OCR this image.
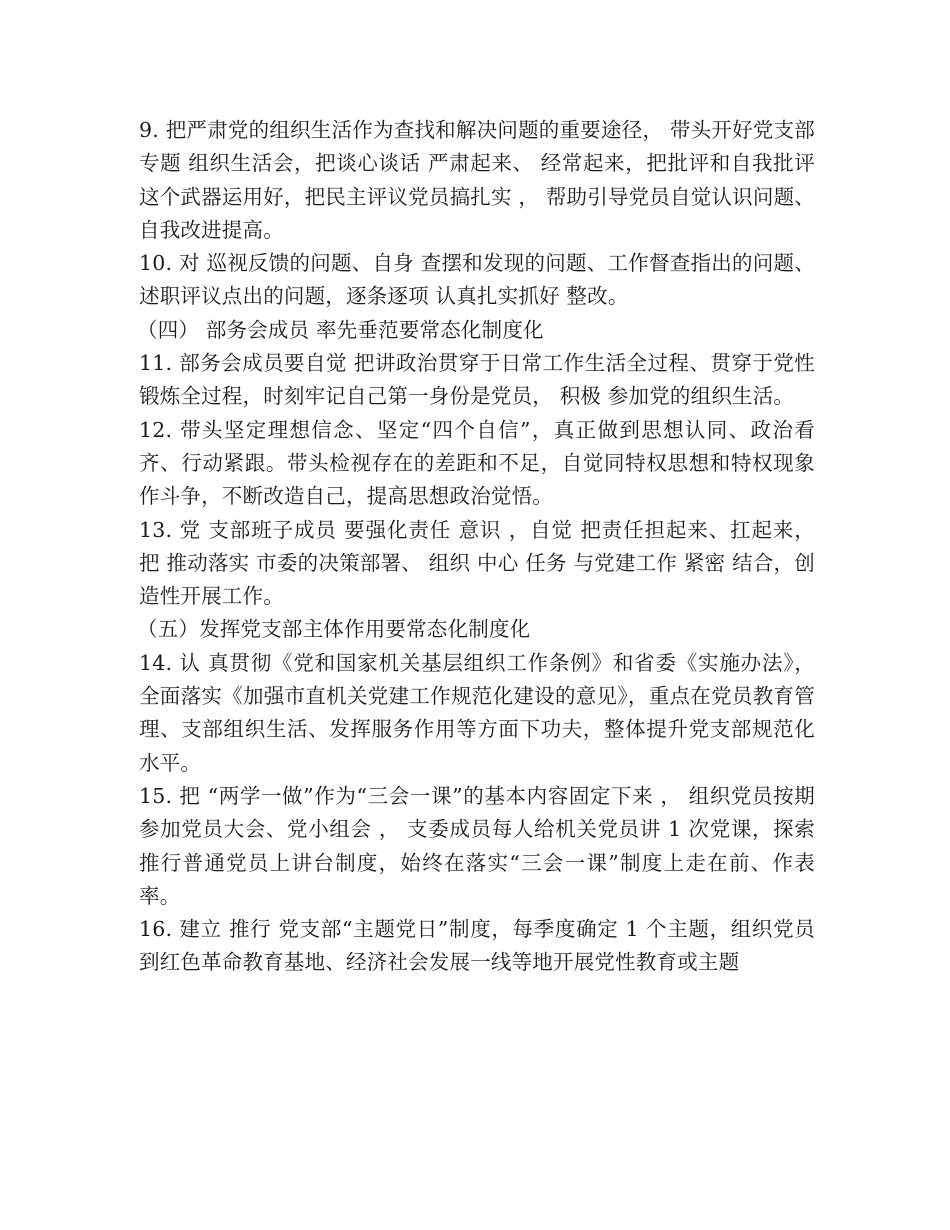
9. 把严肃党的组织生活作为查找和解决问题的重要途径， 带头开好党支部专题 组织生活会，把谈心谈话 严肃起来、 经常起来，把批评和自我批评这个武器运用好，把民主评议党员搞扎实 ， 帮助引导党员自觉认识问题、自我改进提高。

10. 对 巡视反馈的问题、自身 查摆和发现的问题、工作督查指出的问题、述职评议点出的问题，逐条逐项 认真扎实抓好 整改。

（四） 部务会成员 率先垂范要常态化制度化

11. 部务会成员要自觉 把讲政治贯穿于日常工作生活全过程、贯穿于党性锻炼全过程，时刻牢记自己第一身份是党员， 积极 参加党的组织生活。

12. 带头坚定理想信念、坚定“四个自信”，真正做到思想认同、政治看齐、行动紧跟。带头检视存在的差距和不足，自觉同特权思想和特权现象作斗争，不断改造自己，提高思想政治觉悟。

13. 党 支部班子成员 要强化责任 意识 ，自觉 把责任担起来、扛起来， 把 推动落实 市委的决策部署、 组织 中心 任务 与党建工作 紧密 结合，创造性开展工作。

（五）发挥党支部主体作用要常态化制度化

14. 认 真贯彻《党和国家机关基层组织工作条例》和省委《实施办法》，全面落实《加强市直机关党建工作规范化建设的意见》，重点在党员教育管理、支部组织生活、发挥服务作用等方面下功夫，整体提升党支部规范化水平。

15. 把 “两学一做”作为“三会一课”的基本内容固定下来 ， 组织党员按期参加党员大会、党小组会 ， 支委成员每人给机关党员讲 1 次党课，探索推行普通党员上讲台制度，始终在落实“三会一课”制度上走在前、作表率。

16. 建立 推行 党支部“主题党日”制度，每季度确定 1 个主题，组织党员到红色革命教育基地、经济社会发展一线等地开展党性教育或主题
